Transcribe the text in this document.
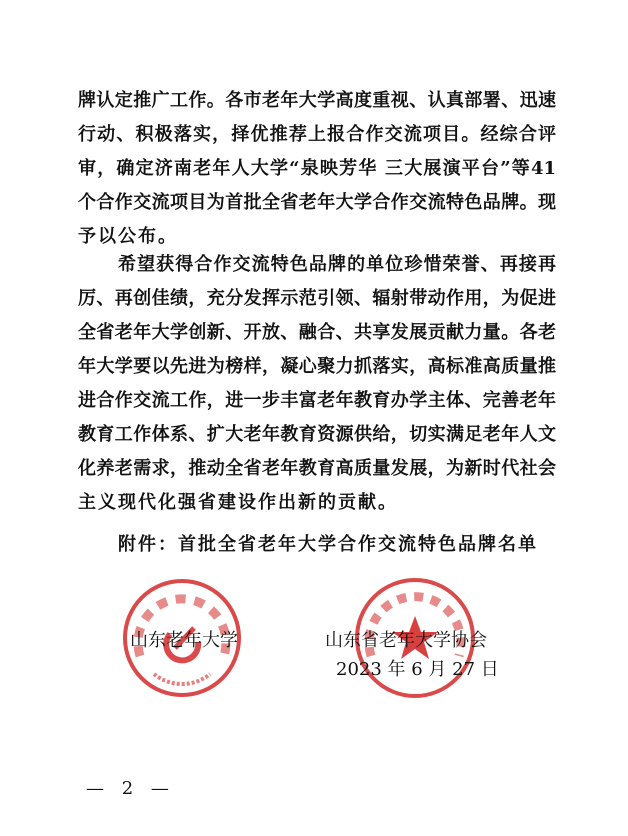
牌认定推广工作。各市老年大学高度重视、认真部署、迅速
行动、积极落实，择优推荐上报合作交流项目。经综合评
审，确定济南老年人大学“泉映芳华 三大展演平台”等41
个合作交流项目为首批全省老年大学合作交流特色品牌。现
予以公布。
希望获得合作交流特色品牌的单位珍惜荣誉、再接再
厉、再创佳绩，充分发挥示范引领、辐射带动作用，为促进
全省老年大学创新、开放、融合、共享发展贡献力量。各老
年大学要以先进为榜样，凝心聚力抓落实，高标准高质量推
进合作交流工作，进一步丰富老年教育办学主体、完善老年
教育工作体系、扩大老年教育资源供给，切实满足老年人文
化养老需求，推动全省老年教育高质量发展，为新时代社会
主义现代化强省建设作出新的贡献。
附件：首批全省老年大学合作交流特色品牌名单
山东老年大学	山东省老年大学协会
2023 年 6 月 27 日
— 2 —
